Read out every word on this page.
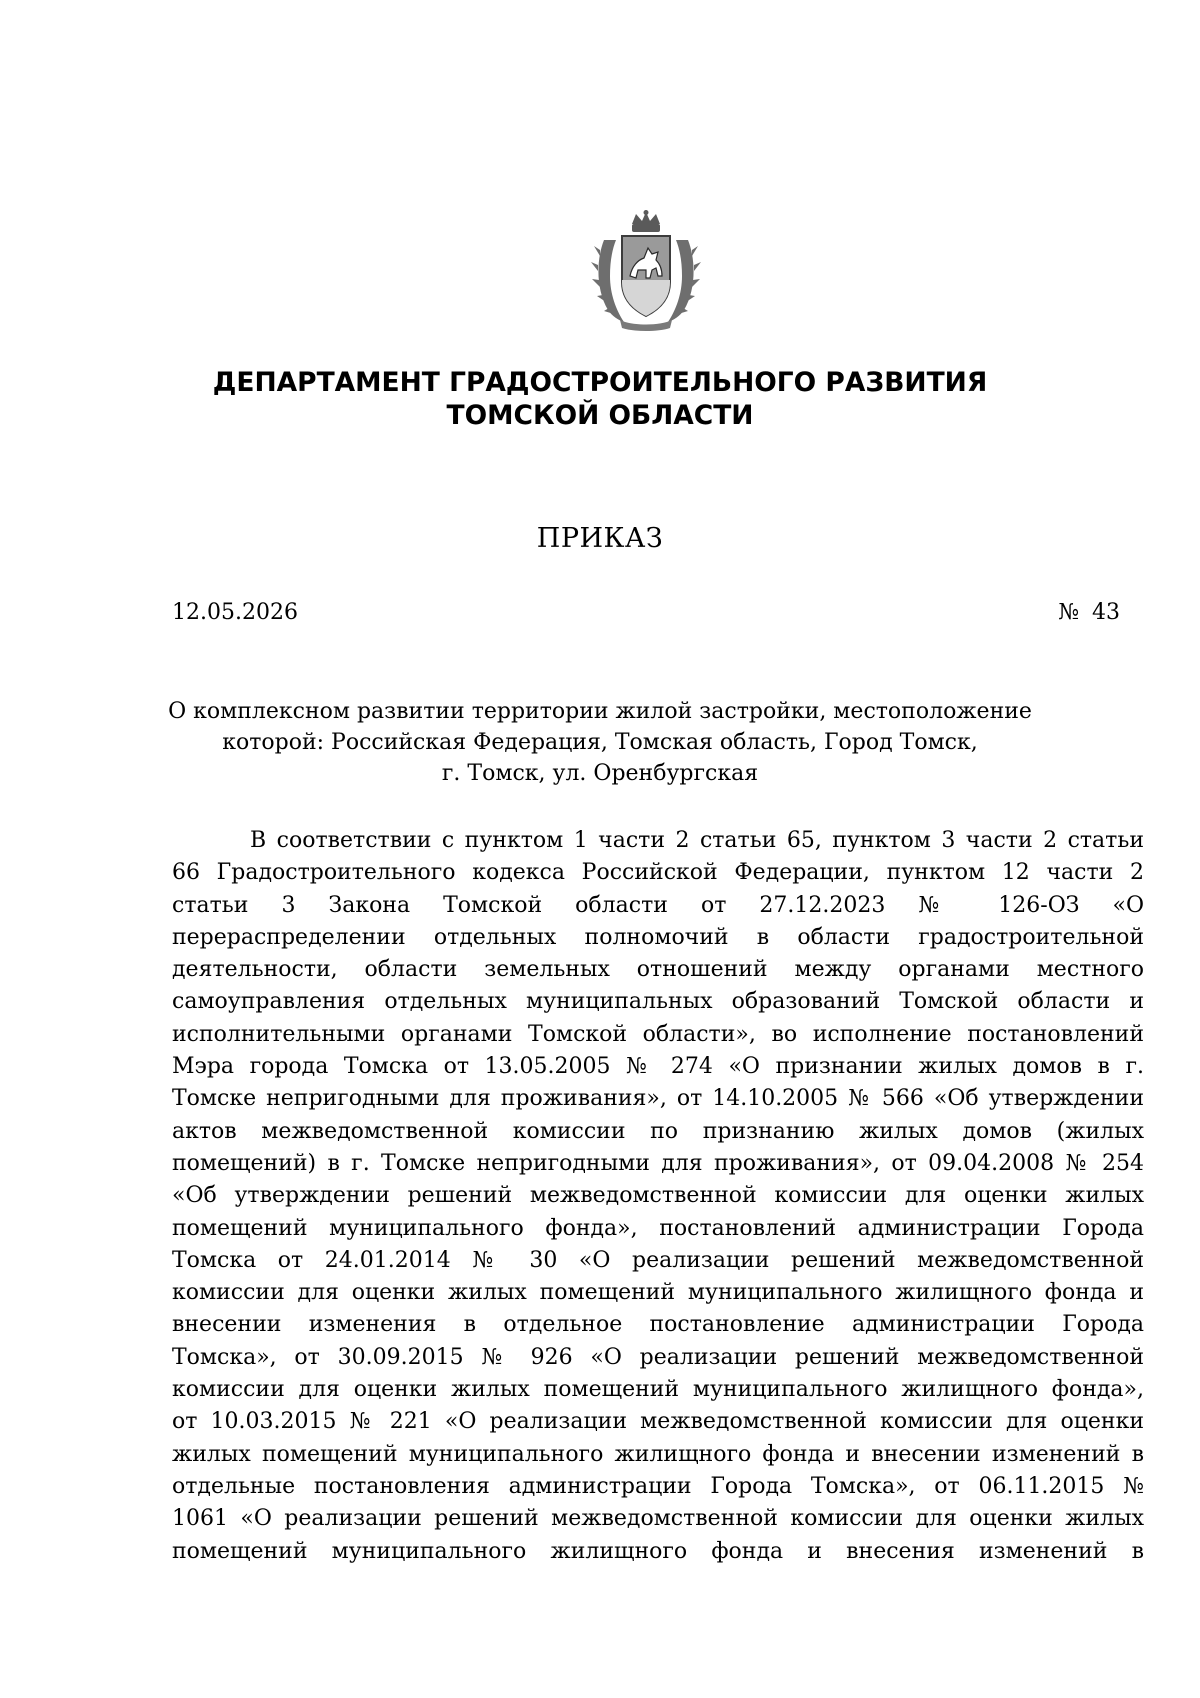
ДЕПАРТАМЕНТ ГРАДОСТРОИТЕЛЬНОГО РАЗВИТИЯ
ТОМСКОЙ ОБЛАСТИ
ПРИКАЗ
12.05.2026	№ 43
О комплексном развитии территории жилой застройки, местоположение
которой: Российская Федерация, Томская область, Город Томск,
г. Томск, ул. Оренбургская
В соответствии с пунктом 1 части 2 статьи 65, пунктом 3 части 2 статьи
66 Градостроительного кодекса Российской Федерации, пунктом 12 части 2
статьи 3 Закона Томской области от 27.12.2023 № 126-ОЗ «О
перераспределении отдельных полномочий в области градостроительной
деятельности, области земельных отношений между органами местного
самоуправления отдельных муниципальных образований Томской области и
исполнительными органами Томской области», во исполнение постановлений
Мэра города Томска от 13.05.2005 № 274 «О признании жилых домов в г.
Томске непригодными для проживания», от 14.10.2005 № 566 «Об утверждении
актов межведомственной комиссии по признанию жилых домов (жилых
помещений) в г. Томске непригодными для проживания», от 09.04.2008 № 254
«Об утверждении решений межведомственной комиссии для оценки жилых
помещений муниципального фонда», постановлений администрации Города
Томска от 24.01.2014 № 30 «О реализации решений межведомственной
комиссии для оценки жилых помещений муниципального жилищного фонда и
внесении изменения в отдельное постановление администрации Города
Томска», от 30.09.2015 № 926 «О реализации решений межведомственной
комиссии для оценки жилых помещений муниципального жилищного фонда»,
от 10.03.2015 № 221 «О реализации межведомственной комиссии для оценки
жилых помещений муниципального жилищного фонда и внесении изменений в
отдельные постановления администрации Города Томска», от 06.11.2015 №
1061 «О реализации решений межведомственной комиссии для оценки жилых
помещений муниципального жилищного фонда и внесения изменений в
